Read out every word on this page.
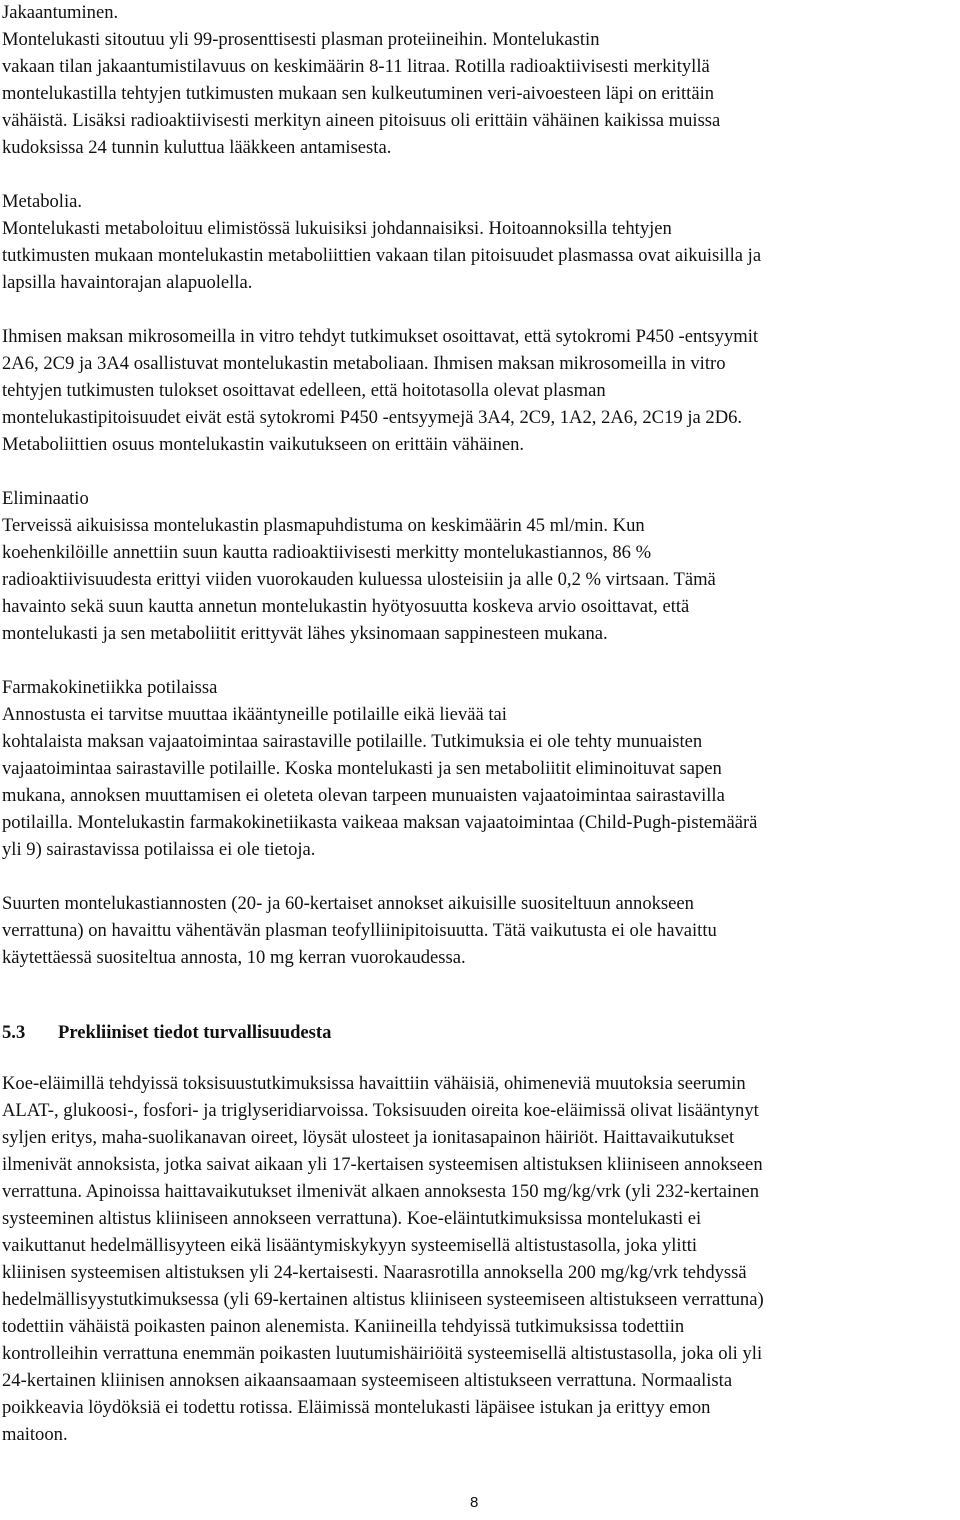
Jakaantuminen.
Montelukasti sitoutuu yli 99-prosenttisesti plasman proteiineihin. Montelukastin
vakaan tilan jakaantumistilavuus on keskimäärin 8-11 litraa. Rotilla radioaktiivisesti merkityllä
montelukastilla tehtyjen tutkimusten mukaan sen kulkeutuminen veri-aivoesteen läpi on erittäin
vähäistä. Lisäksi radioaktiivisesti merkityn aineen pitoisuus oli erittäin vähäinen kaikissa muissa
kudoksissa 24 tunnin kuluttua lääkkeen antamisesta.
Metabolia.
Montelukasti metaboloituu elimistössä lukuisiksi johdannaisiksi. Hoitoannoksilla tehtyjen
tutkimusten mukaan montelukastin metaboliittien vakaan tilan pitoisuudet plasmassa ovat aikuisilla ja
lapsilla havaintorajan alapuolella.
Ihmisen maksan mikrosomeilla in vitro tehdyt tutkimukset osoittavat, että sytokromi P450 -entsyymit
2A6, 2C9 ja 3A4 osallistuvat montelukastin metaboliaan. Ihmisen maksan mikrosomeilla in vitro
tehtyjen tutkimusten tulokset osoittavat edelleen, että hoitotasolla olevat plasman
montelukastipitoisuudet eivät estä sytokromi P450 -entsyymejä 3A4, 2C9, 1A2, 2A6, 2C19 ja 2D6.
Metaboliittien osuus montelukastin vaikutukseen on erittäin vähäinen.
Eliminaatio
Terveissä aikuisissa montelukastin plasmapuhdistuma on keskimäärin 45 ml/min. Kun
koehenkilöille annettiin suun kautta radioaktiivisesti merkitty montelukastiannos, 86 %
radioaktiivisuudesta erittyi viiden vuorokauden kuluessa ulosteisiin ja alle 0,2 % virtsaan. Tämä
havainto sekä suun kautta annetun montelukastin hyötyosuutta koskeva arvio osoittavat, että
montelukasti ja sen metaboliitit erittyvät lähes yksinomaan sappinesteen mukana.
Farmakokinetiikka potilaissa
Annostusta ei tarvitse muuttaa ikääntyneille potilaille eikä lievää tai
kohtalaista maksan vajaatoimintaa sairastaville potilaille. Tutkimuksia ei ole tehty munuaisten
vajaatoimintaa sairastaville potilaille. Koska montelukasti ja sen metaboliitit eliminoituvat sapen
mukana, annoksen muuttamisen ei oleteta olevan tarpeen munuaisten vajaatoimintaa sairastavilla
potilailla. Montelukastin farmakokinetiikasta vaikeaa maksan vajaatoimintaa (Child-Pugh-pistemäärä
yli 9) sairastavissa potilaissa ei ole tietoja.
Suurten montelukastiannosten (20- ja 60-kertaiset annokset aikuisille suositeltuun annokseen
verrattuna) on havaittu vähentävän plasman teofylliinipitoisuutta. Tätä vaikutusta ei ole havaittu
käytettäessä suositeltua annosta, 10 mg kerran vuorokaudessa.
5.3 Prekliiniset tiedot turvallisuudesta
Koe-eläimillä tehdyissä toksisuustutkimuksissa havaittiin vähäisiä, ohimeneviä muutoksia seerumin
ALAT-, glukoosi-, fosfori- ja triglyseridiarvoissa. Toksisuuden oireita koe-eläimissä olivat lisääntynyt
syljen eritys, maha-suolikanavan oireet, löysät ulosteet ja ionitasapainon häiriöt. Haittavaikutukset
ilmenivät annoksista, jotka saivat aikaan yli 17-kertaisen systeemisen altistuksen kliiniseen annokseen
verrattuna. Apinoissa haittavaikutukset ilmenivät alkaen annoksesta 150 mg/kg/vrk (yli 232-kertainen
systeeminen altistus kliiniseen annokseen verrattuna). Koe-eläintutkimuksissa montelukasti ei
vaikuttanut hedelmällisyyteen eikä lisääntymiskykyyn systeemisellä altistustasolla, joka ylitti
kliinisen systeemisen altistuksen yli 24-kertaisesti. Naarasrotilla annoksella 200 mg/kg/vrk tehdyssä
hedelmällisyystutkimuksessa (yli 69-kertainen altistus kliiniseen systeemiseen altistukseen verrattuna)
todettiin vähäistä poikasten painon alenemista. Kaniineilla tehdyissä tutkimuksissa todettiin
kontrolleihin verrattuna enemmän poikasten luutumishäiriöitä systeemisellä altistustasolla, joka oli yli
24-kertainen kliinisen annoksen aikaansaamaan systeemiseen altistukseen verrattuna. Normaalista
poikkeavia löydöksiä ei todettu rotissa. Eläimissä montelukasti läpäisee istukan ja erittyy emon
maitoon.
8
